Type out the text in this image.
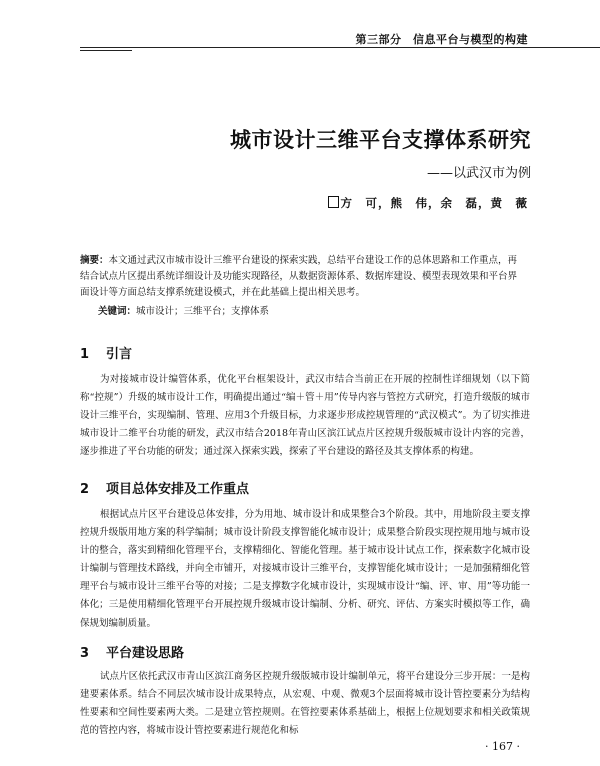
第三部分　信息平台与模型的构建
城市设计三维平台支撑体系研究
——以武汉市为例
方　可，熊　伟，余　磊，黄　薇
摘要：本文通过武汉市城市设计三维平台建设的探索实践，总结平台建设工作的总体思路和工作重点，再结合试点片区提出系统详细设计及功能实现路径，从数据资源体系、数据库建设、模型表现效果和平台界面设计等方面总结支撑系统建设模式，并在此基础上提出相关思考。
关键词：城市设计；三维平台；支撑体系
1 引言
为对接城市设计编管体系，优化平台框架设计，武汉市结合当前正在开展的控制性详细规划（以下简称“控规”）升级的城市设计工作，明确提出通过“编＋管＋用”传导内容与管控方式研究，打造升级版的城市设计三维平台，实现编制、管理、应用3个升级目标，力求逐步形成控规管理的“武汉模式”。为了切实推进城市设计二维平台功能的研发，武汉市结合2018年青山区滨江试点片区控规升级版城市设计内容的完善，逐步推进了平台功能的研发；通过深入探索实践，探索了平台建设的路径及其支撑体系的构建。
2 项目总体安排及工作重点
根据试点片区平台建设总体安排，分为用地、城市设计和成果整合3个阶段。其中，用地阶段主要支撑控规升级版用地方案的科学编制；城市设计阶段支撑智能化城市设计；成果整合阶段实现控规用地与城市设计的整合，落实到精细化管理平台，支撑精细化、智能化管理。基于城市设计试点工作，探索数字化城市设计编制与管理技术路线，并向全市铺开，对接城市设计三维平台，支撑智能化城市设计；一是加强精细化管理平台与城市设计三维平台等的对接；二是支撑数字化城市设计，实现城市设计“编、评、审、用”等功能一体化；三是使用精细化管理平台开展控规升级城市设计编制、分析、研究、评估、方案实时模拟等工作，确保规划编制质量。
3 平台建设思路
试点片区依托武汉市青山区滨江商务区控规升级版城市设计编制单元，将平台建设分三步开展：一是构建要素体系。结合不同层次城市设计成果特点，从宏观、中观、微观3个层面将城市设计管控要素分为结构性要素和空间性要素两大类。二是建立管控规则。在管控要素体系基础上，根据上位规划要求和相关政策规范的管控内容，将城市设计管控要素进行规范化和标
· 167 ·
